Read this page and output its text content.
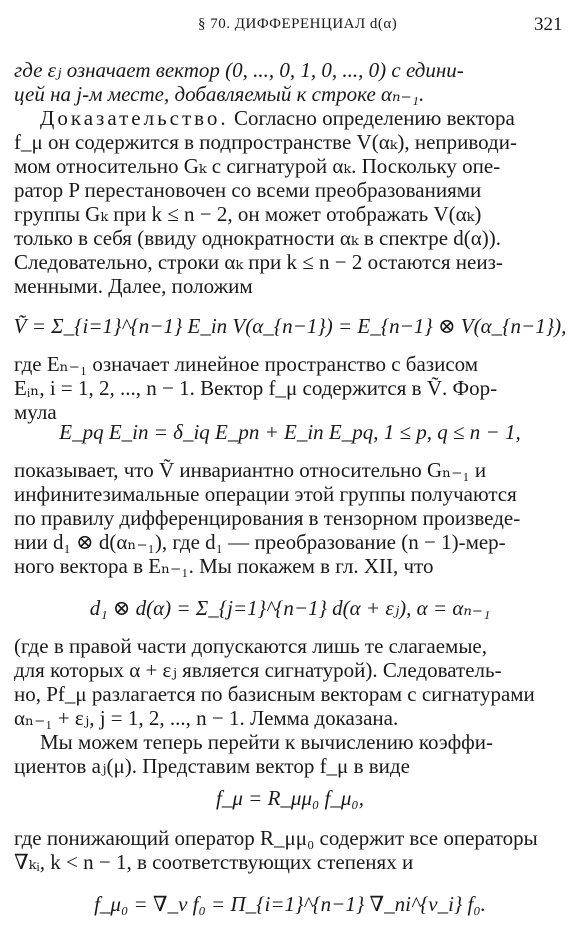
§ 70. ДИФФЕРЕНЦИАЛ d(α)	321
где εⱼ означает вектор (0, ..., 0, 1, 0, ..., 0) с едини-
цей на j-м месте, добавляемый к строке αₙ₋₁.
Доказательство. Согласно определению вектора
f_μ он содержится в подпространстве V(αₖ), неприводи-
мом относительно Gₖ с сигнатурой αₖ. Поскольку опе-
ратор P перестановочен со всеми преобразованиями
группы Gₖ при k ≤ n − 2, он может отображать V(αₖ)
только в себя (ввиду однократности αₖ в спектре d(α)).
Следовательно, строки αₖ при k ≤ n − 2 остаются неиз-
менными. Далее, положим
Ṽ = Σ_{i=1}^{n−1} E_in V(α_{n−1}) = E_{n−1} ⊗ V(α_{n−1}),
где Eₙ₋₁ означает линейное пространство с базисом
Eᵢₙ, i = 1, 2, ..., n − 1. Вектор f_μ содержится в Ṽ. Фор-
мула
E_pq E_in = δ_iq E_pn + E_in E_pq, 1 ≤ p, q ≤ n − 1,
показывает, что Ṽ инвариантно относительно Gₙ₋₁ и
инфинитезимальные операции этой группы получаются
по правилу дифференцирования в тензорном произведе-
нии d₁ ⊗ d(αₙ₋₁), где d₁ — преобразование (n − 1)-мер-
ного вектора в Eₙ₋₁. Мы покажем в гл. XII, что
d₁ ⊗ d(α) = Σ_{j=1}^{n−1} d(α + εⱼ), α = αₙ₋₁
(где в правой части допускаются лишь те слагаемые,
для которых α + εⱼ является сигнатурой). Следователь-
но, Pf_μ разлагается по базисным векторам с сигнатурами
αₙ₋₁ + εⱼ, j = 1, 2, ..., n − 1. Лемма доказана.
Мы можем теперь перейти к вычислению коэффи-
циентов aⱼ(μ). Представим вектор f_μ в виде
f_μ = R_μμ₀ f_μ₀,
где понижающий оператор R_μμ₀ содержит все операторы
∇ₖᵢ, k < n − 1, в соответствующих степенях и
f_μ₀ = ∇_ν f₀ = Π_{i=1}^{n−1} ∇_ni^{ν_i} f₀.
